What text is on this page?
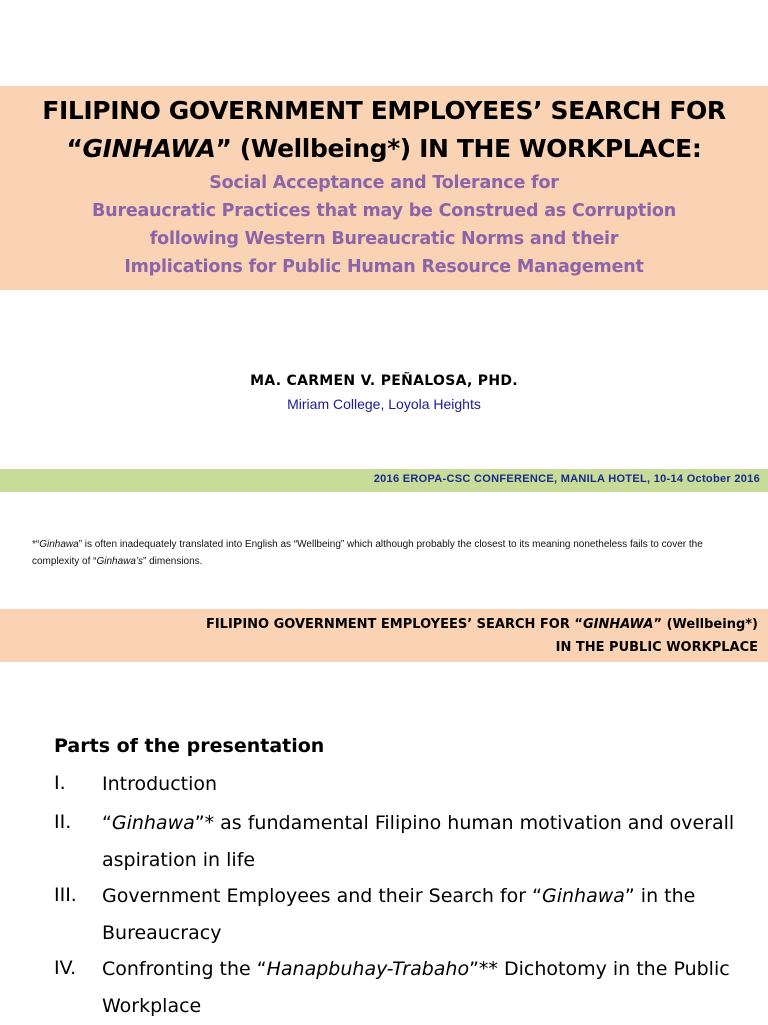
FILIPINO GOVERNMENT EMPLOYEES’ SEARCH FOR
“GINHAWA” (Wellbeing*) IN THE WORKPLACE:
Social Acceptance and Tolerance for
Bureaucratic Practices that may be Construed as Corruption
following Western Bureaucratic Norms and their
Implications for Public Human Resource Management
MA. CARMEN V. PEÑALOSA, PHD.
Miriam College, Loyola Heights
2016 EROPA-CSC CONFERENCE, MANILA HOTEL, 10-14 October 2016
*“Ginhawa” is often inadequately translated into English as “Wellbeing” which although probably the closest to its meaning nonetheless fails to cover the complexity of “Ginhawa’s” dimensions.
FILIPINO GOVERNMENT EMPLOYEES’ SEARCH FOR “GINHAWA” (Wellbeing*)
IN THE PUBLIC WORKPLACE
Parts of the presentation
I. Introduction
II. “Ginhawa”* as fundamental Filipino human motivation and overall aspiration in life
III. Government Employees and their Search for “Ginhawa” in the Bureaucracy
IV. Confronting the “Hanapbuhay-Trabaho”** Dichotomy in the Public Workplace
